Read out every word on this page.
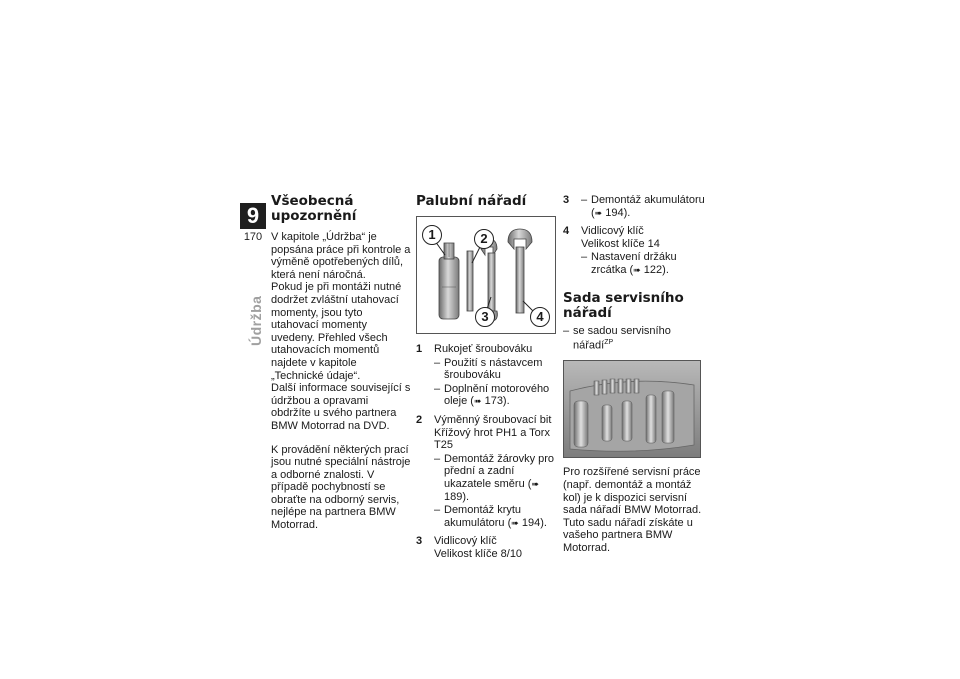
9
170
Údržba
Všeobecná upozornění

V kapitole „Údržba“ je popsána práce při kontrole a výměně opotřebených dílů, která není náročná.

Pokud je při montáži nutné dodržet zvláštní utahovací momenty, jsou tyto utahovací momenty uvedeny. Přehled všech utahovacích momentů najdete v kapitole „Technické údaje“.

Další informace související s údržbou a opravami obdržíte u svého partnera BMW Motorrad na DVD.

K provádění některých prací jsou nutné speciální nástroje a odborné znalosti. V případě pochybností se obraťte na odborný servis, nejlépe na partnera BMW Motorrad.

Palubní nářadí
1	2
3	4
1	Rukojeť šroubováku

– Použití s nástavcem šroubováku
– Doplnění motorového oleje (➠ 173).
2	Výměnný šroubovací bit

Křížový hrot PH1 a Torx T25

– Demontáž žárovky pro přední a zadní ukazatele směru (➠ 189).
– Demontáž krytu akumulátoru (➠ 194).
3	Vidlicový klíč

Velikost klíče 8/10

3	– Demontáž akumulátoru (➠ 194).
4	Vidlicový klíč

Velikost klíče 14

– Nastavení držáku zrcátka (➠ 122).
Sada servisního nářadí
– se sadou servisního nářadí$^{ZP}$

Pro rozšířené servisní práce (např. demontáž a montáž kol) je k dispozici servisní sada nářadí BMW Motorrad. Tuto sadu nářadí získáte u vašeho partnera BMW Motorrad.
